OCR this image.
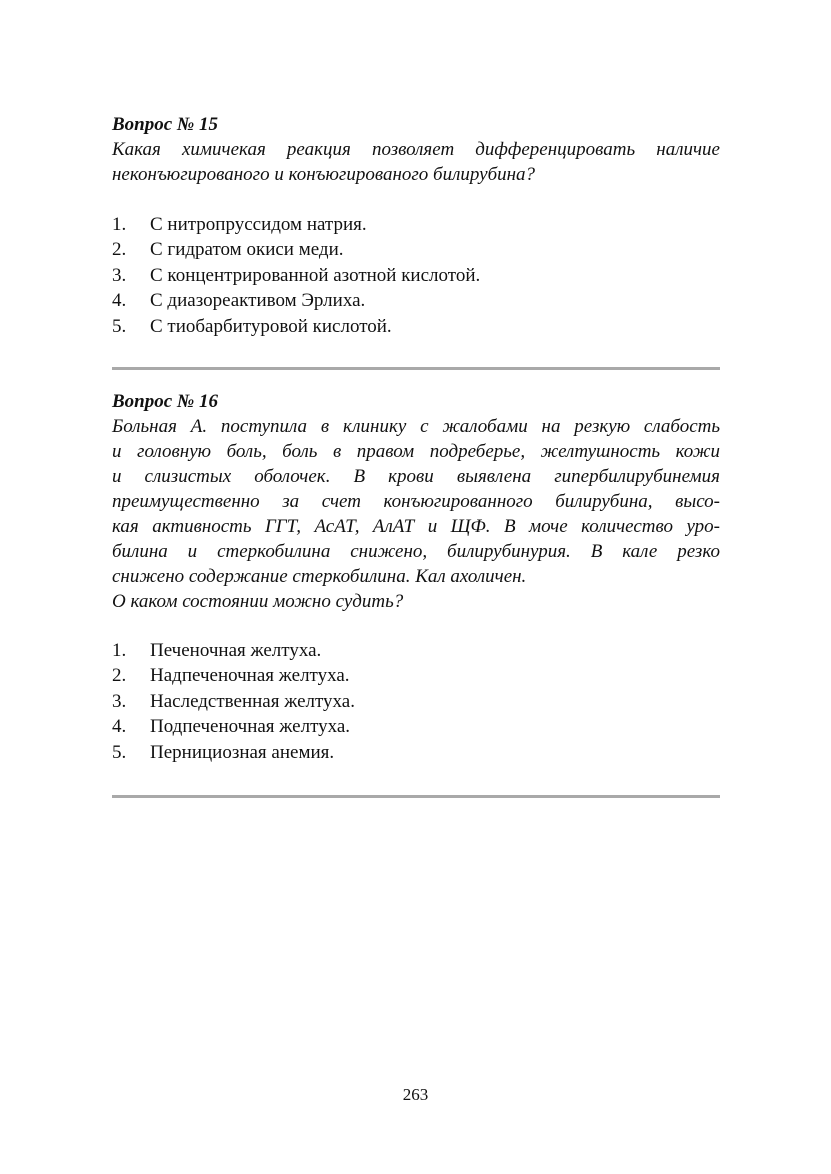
Вопрос № 15

Какая химичекая реакция позволяет дифференцировать наличие
неконъюгированого и конъюгированого билирубина?

1.	С нитропруссидом натрия.
2.	С гидратом окиси меди.
3.	С концентрированной азотной кислотой.
4.	С диазореактивом Эрлиха.
5.	С тиобарбитуровой кислотой.

Вопрос № 16

Больная А. поступила в клинику с жалобами на резкую слабость
и головную боль, боль в правом подреберье, желтушность кожи
и слизистых оболочек. В крови выявлена гипербилирубинемия
преимущественно за счет конъюгированного билирубина, высо-
кая активность ГГТ, АсАТ, АлАТ и ЩФ. В моче количество уро-
билина и стеркобилина снижено, билирубинурия. В кале резко
снижено содержание стеркобилина. Кал ахоличен.
О каком состоянии можно судить?

1.	Печеночная желтуха.
2.	Надпеченочная желтуха.
3.	Наследственная желтуха.
4.	Подпеченочная желтуха.
5.	Пернициозная анемия.
263
